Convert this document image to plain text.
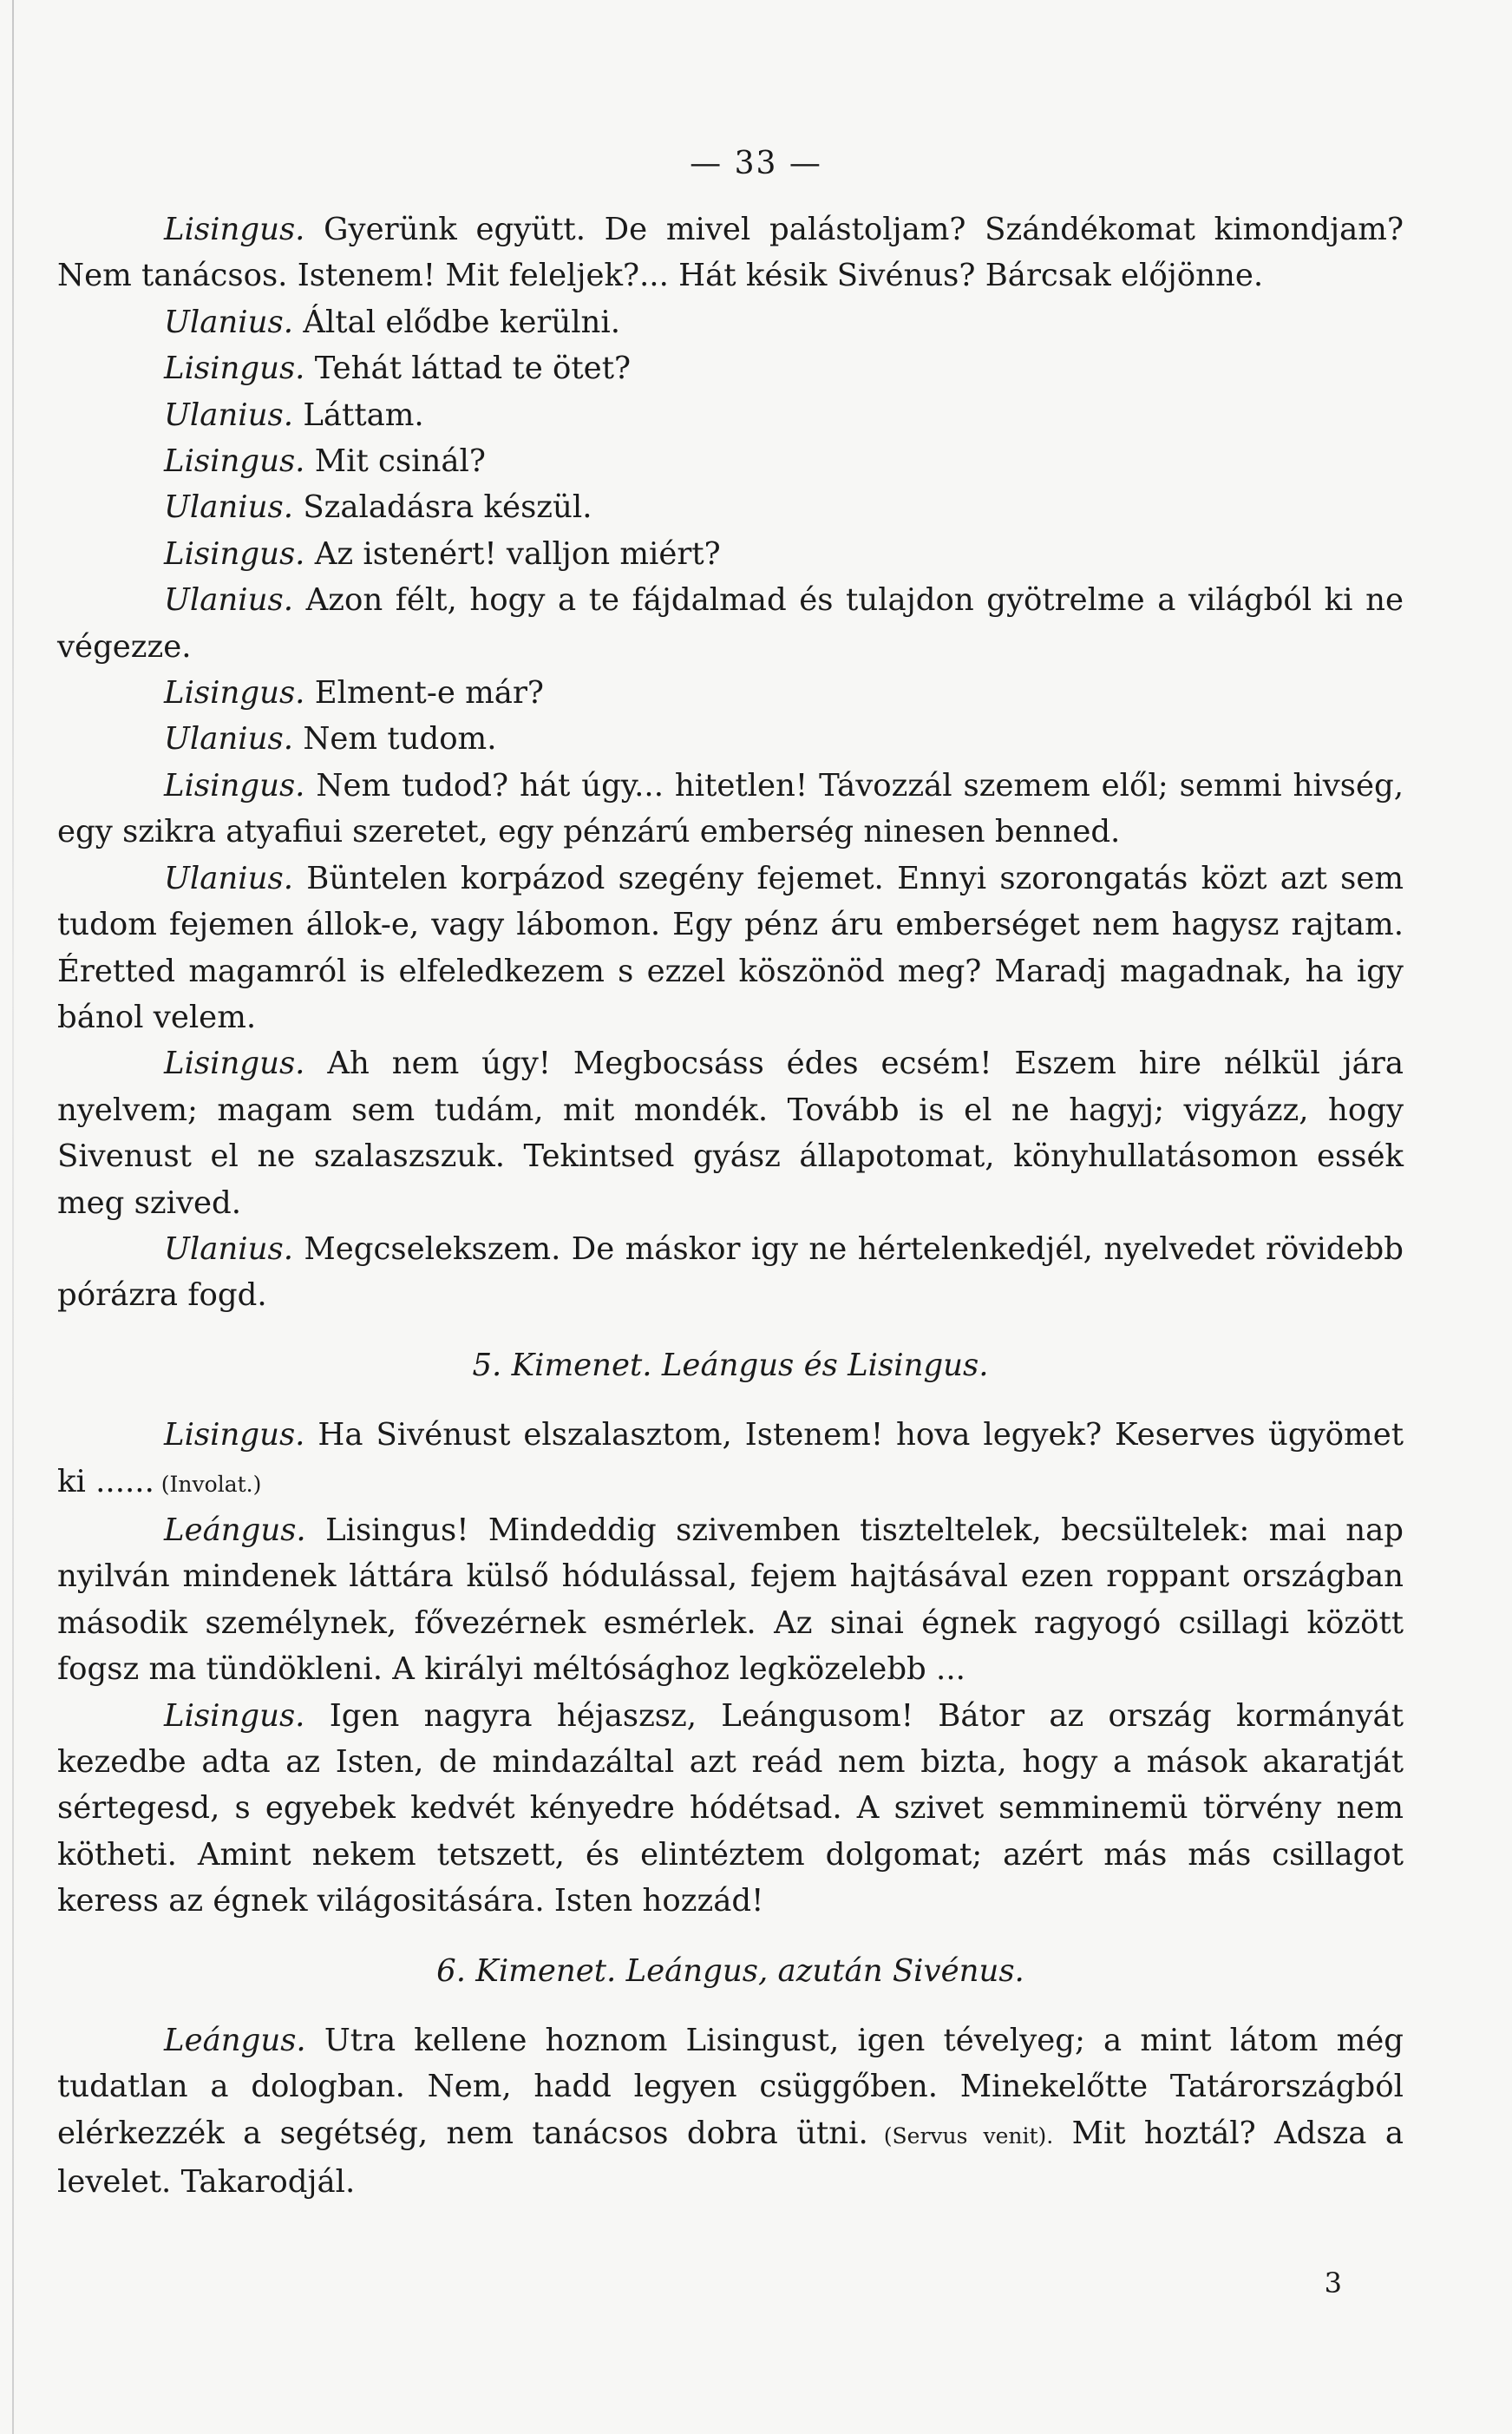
— 33 —

Lisingus. Gyerünk együtt. De mivel palástoljam? Szándékomat kimondjam? Nem tanácsos. Istenem! Mit feleljek?... Hát késik Sivénus? Bárcsak előjönne.

Ulanius. Által elődbe kerülni.

Lisingus. Tehát láttad te ötet?

Ulanius. Láttam.

Lisingus. Mit csinál?

Ulanius. Szaladásra készül.

Lisingus. Az istenért! valljon miért?

Ulanius. Azon félt, hogy a te fájdalmad és tulajdon gyötrelme a világból ki ne végezze.

Lisingus. Elment-e már?

Ulanius. Nem tudom.

Lisingus. Nem tudod? hát úgy... hitetlen! Távozzál szemem elől; semmi hivség, egy szikra atyafiui szeretet, egy pénzárú emberség ninesen benned.

Ulanius. Büntelen korpázod szegény fejemet. Ennyi szorongatás közt azt sem tudom fejemen állok-e, vagy lábomon. Egy pénz áru emberséget nem hagysz rajtam. Éretted magamról is elfeledkezem s ezzel köszönöd meg? Maradj magadnak, ha igy bánol velem.

Lisingus. Ah nem úgy! Megbocsáss édes ecsém! Eszem hire nélkül jára nyelvem; magam sem tudám, mit mondék. Tovább is el ne hagyj; vigyázz, hogy Sivenust el ne szalaszszuk. Tekintsed gyász állapotomat, könyhullatásomon essék meg szived.

Ulanius. Megcselekszem. De máskor igy ne hértelenkedjél, nyelvedet rövidebb pórázra fogd.

5. Kimenet. Leángus és Lisingus.

Lisingus. Ha Sivénust elszalasztom, Istenem! hova legyek? Keserves ügyömet ki ...... (Involat.)

Leángus. Lisingus! Mindeddig szivemben tiszteltelek, becsültelek: mai nap nyilván mindenek láttára külső hódulással, fejem hajtásával ezen roppant országban második személynek, fővezérnek esmérlek. Az sinai égnek ragyogó csillagi között fogsz ma tündökleni. A királyi méltósághoz legközelebb ...

Lisingus. Igen nagyra héjaszsz, Leángusom! Bátor az ország kormányát kezedbe adta az Isten, de mindazáltal azt reád nem bizta, hogy a mások akaratját sértegesd, s egyebek kedvét kényedre hódétsad. A szivet semminemü törvény nem kötheti. Amint nekem tetszett, és elintéztem dolgomat; azért más más csillagot keress az égnek világositására. Isten hozzád!

6. Kimenet. Leángus, azután Sivénus.

Leángus. Utra kellene hoznom Lisingust, igen tévelyeg; a mint látom még tudatlan a dologban. Nem, hadd legyen csüggőben. Minekelőtte Tatárországból elérkezzék a segétség, nem tanácsos dobra ütni. (Servus venit). Mit hoztál? Adsza a levelet. Takarodjál.

3
